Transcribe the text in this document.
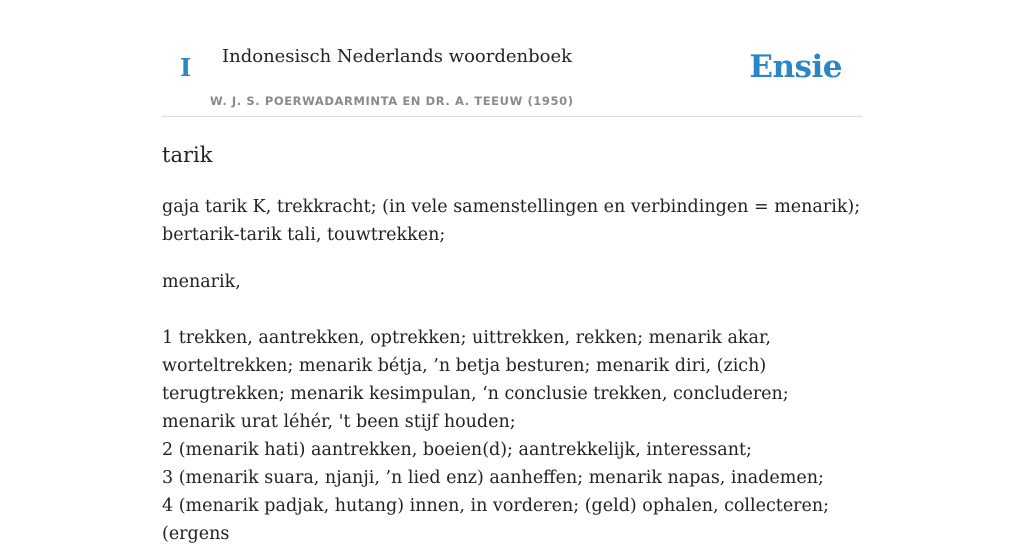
I Indonesisch Nederlands woordenboek	Ensie
W. J. S. POERWADARMINTA EN DR. A. TEEUW (1950)
tarik

gaja tarik K, trekkracht; (in vele samenstellingen en verbindingen = menarik); bertarik-tarik tali, touwtrekken;

menarik,

1 trekken, aantrekken, optrekken; uittrekken, rekken; menarik akar, worteltrekken; menarik bétja, ’n betja besturen; menarik diri, (zich) terugtrekken; menarik kesimpulan, ‘n conclusie trekken, concluderen; menarik urat léhér, 't been stijf houden;

2 (menarik hati) aantrekken, boeien(d); aantrekkelijk, interessant;

3 (menarik suara, njanji, ’n lied enz) aanheffen; menarik napas, inademen;

4 (menarik padjak, hutang) innen, in vorderen; (geld) ophalen, collecteren; (ergens
